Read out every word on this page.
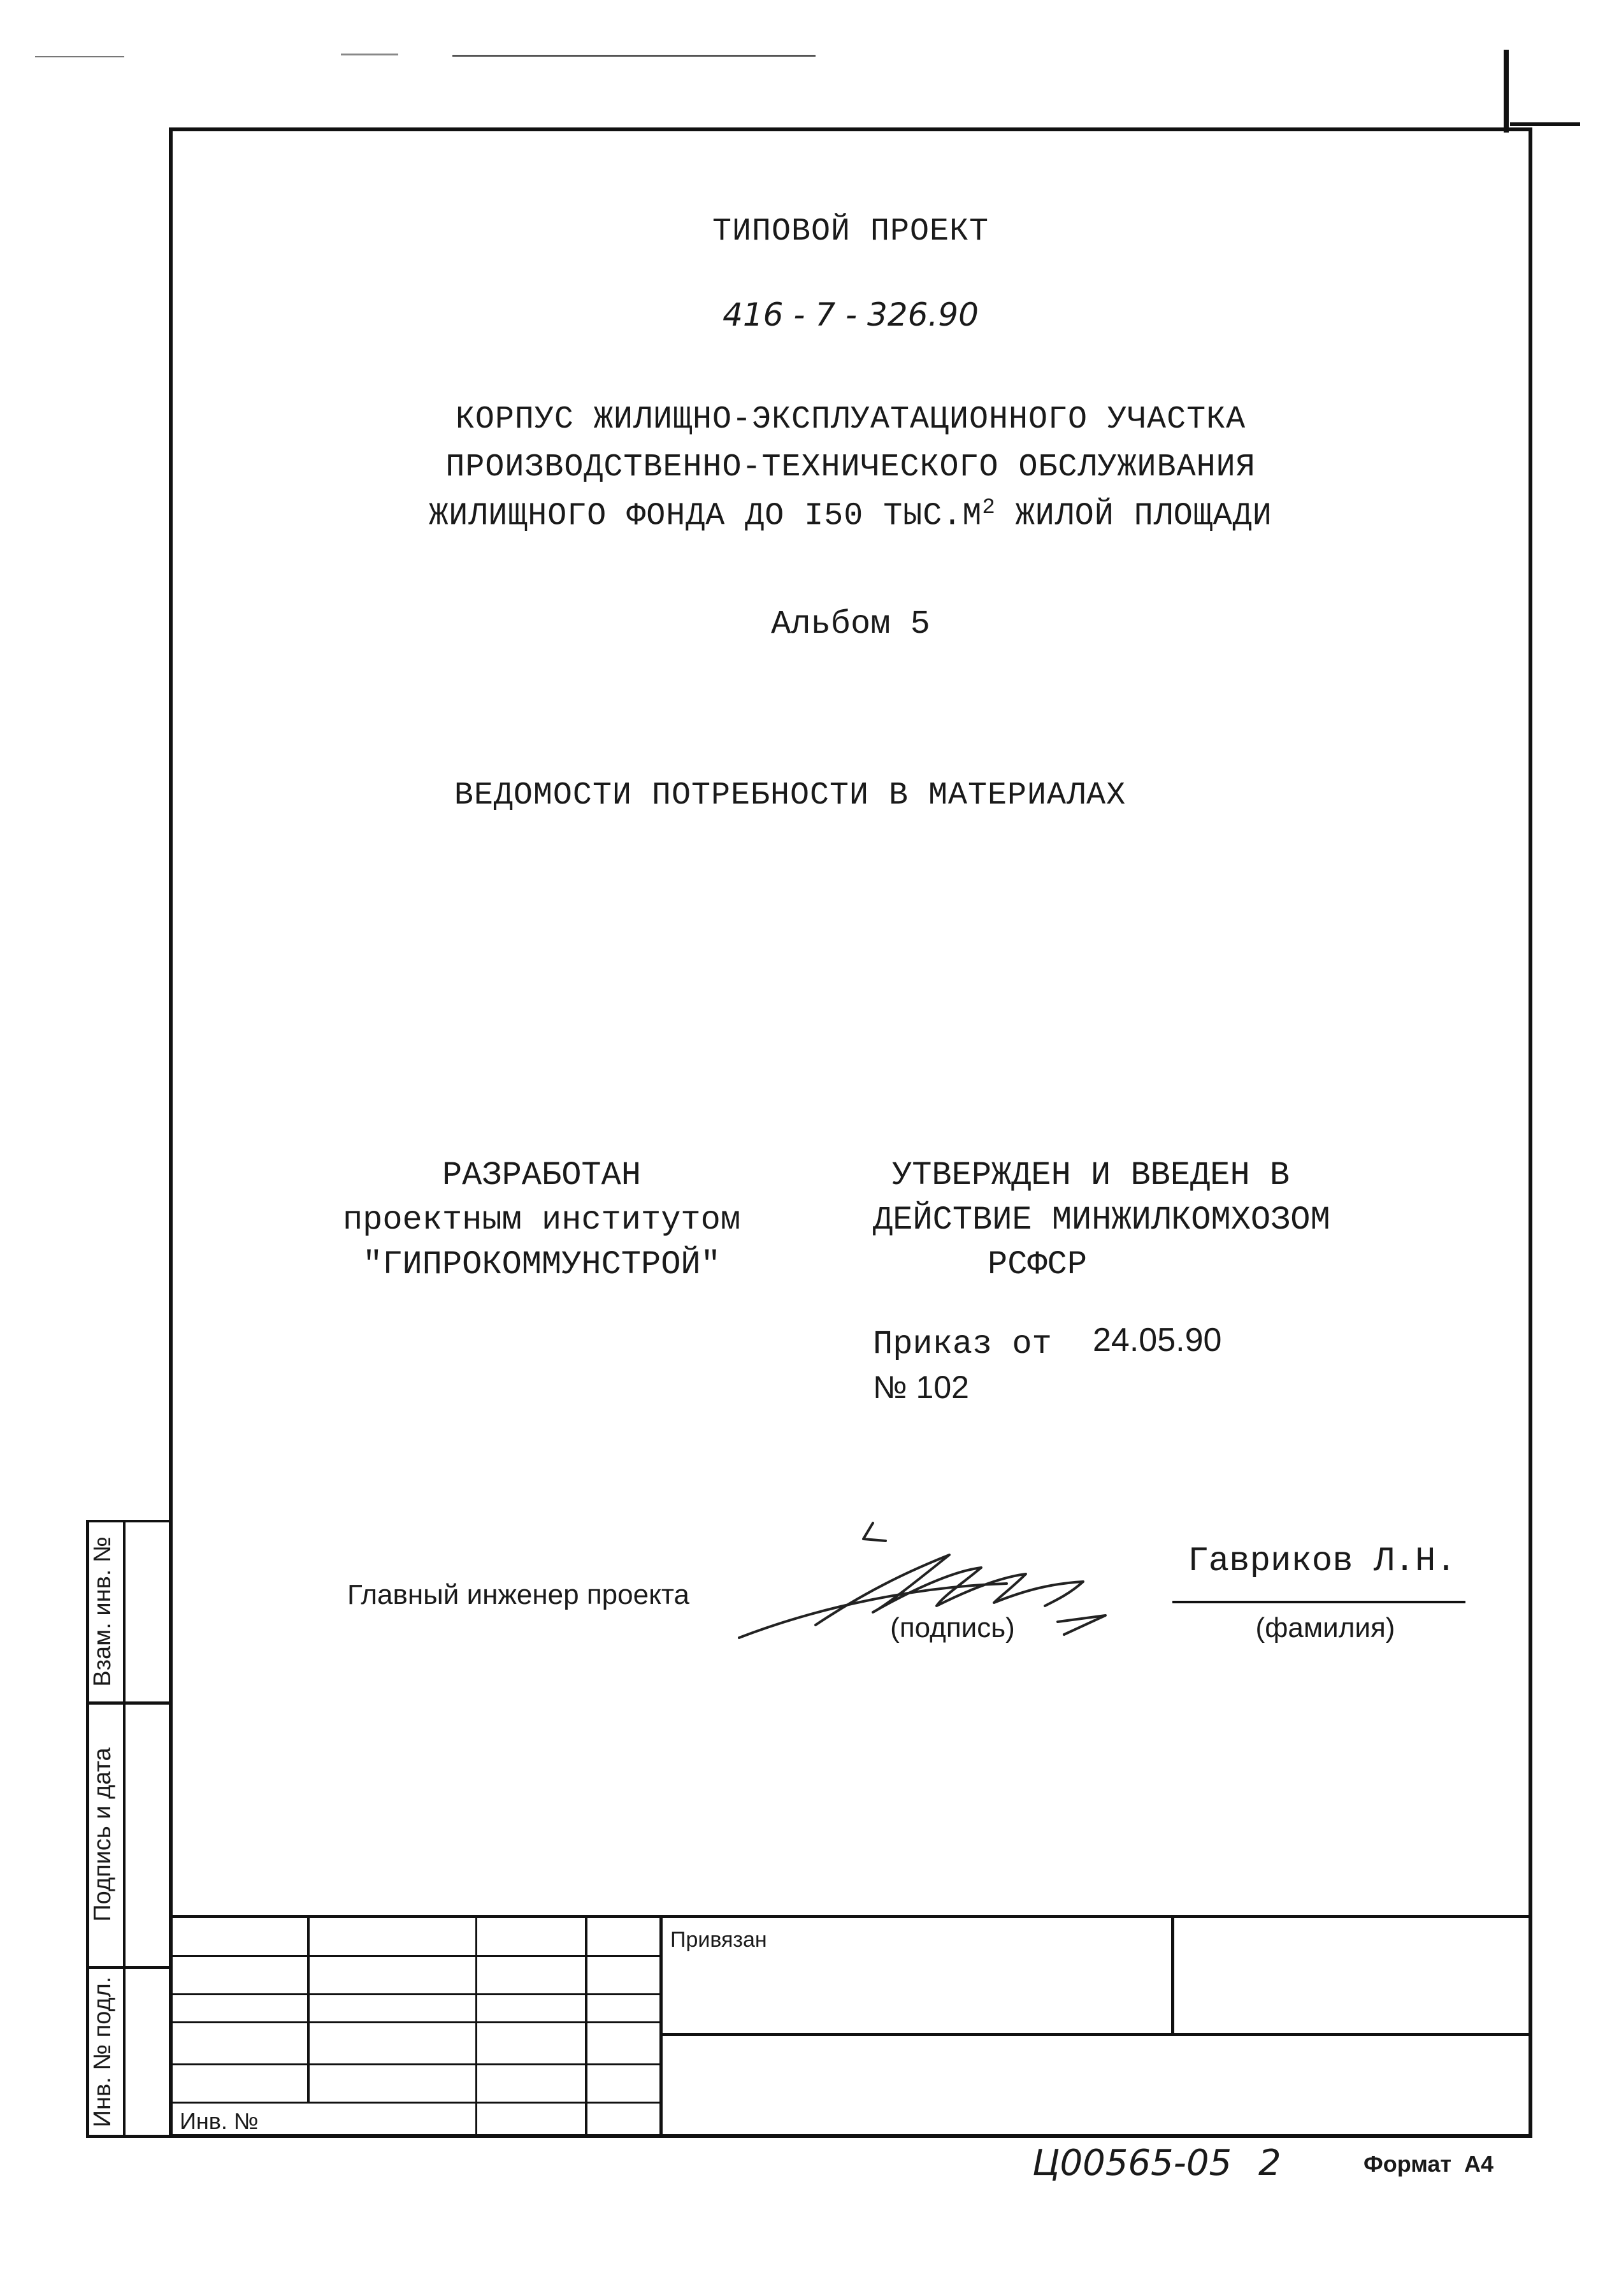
ТИПОВОЙ ПРОЕКТ
416 - 7 - 326.90
КОРПУС ЖИЛИЩНО-ЭКСПЛУАТАЦИОННОГО УЧАСТКА
ПРОИЗВОДСТВЕННО-ТЕХНИЧЕСКОГО ОБСЛУЖИВАНИЯ
ЖИЛИЩНОГО ФОНДА ДО I50 $ТЫС.М^2$ ЖИЛОЙ ПЛОЩАДИ
Альбом 5
ВЕДОМОСТИ ПОТРЕБНОСТИ В МАТЕРИАЛАХ
РАЗРАБОТАН
проектным институтом
"ГИПРОКОММУНСТРОЙ"
УТВЕРЖДЕН И ВВЕДЕН В
ДЕЙСТВИЕ МИНЖИЛКОМХОЗОМ
РСФСР
Приказ от 24.05.90
№ 102
Главный инженер проекта
(подпись)
Гавриков Л.Н.
(фамилия)
Взам. инв. №
Подпись и дата
Инв. № подл.
Привязан
Инв. №
Ц00565-05 2	Формат  А4
